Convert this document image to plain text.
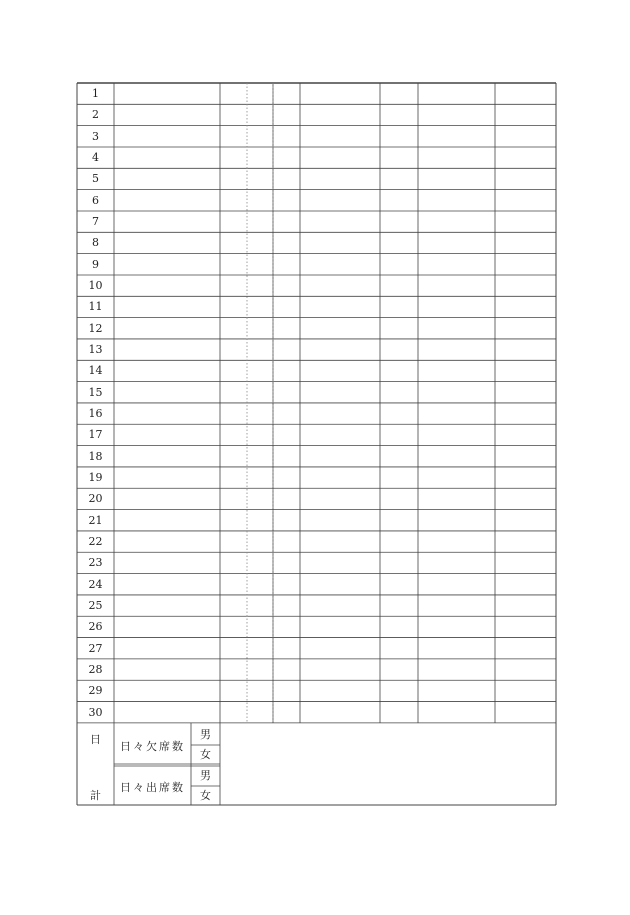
1
2
3
4
5
6
7
8
9
10
11
12
13
14
15
16
17
18
19
20
21
22
23
24
25
26
27
28
29
30
日
計
日々欠席数
日々出席数
男
女
男
女
